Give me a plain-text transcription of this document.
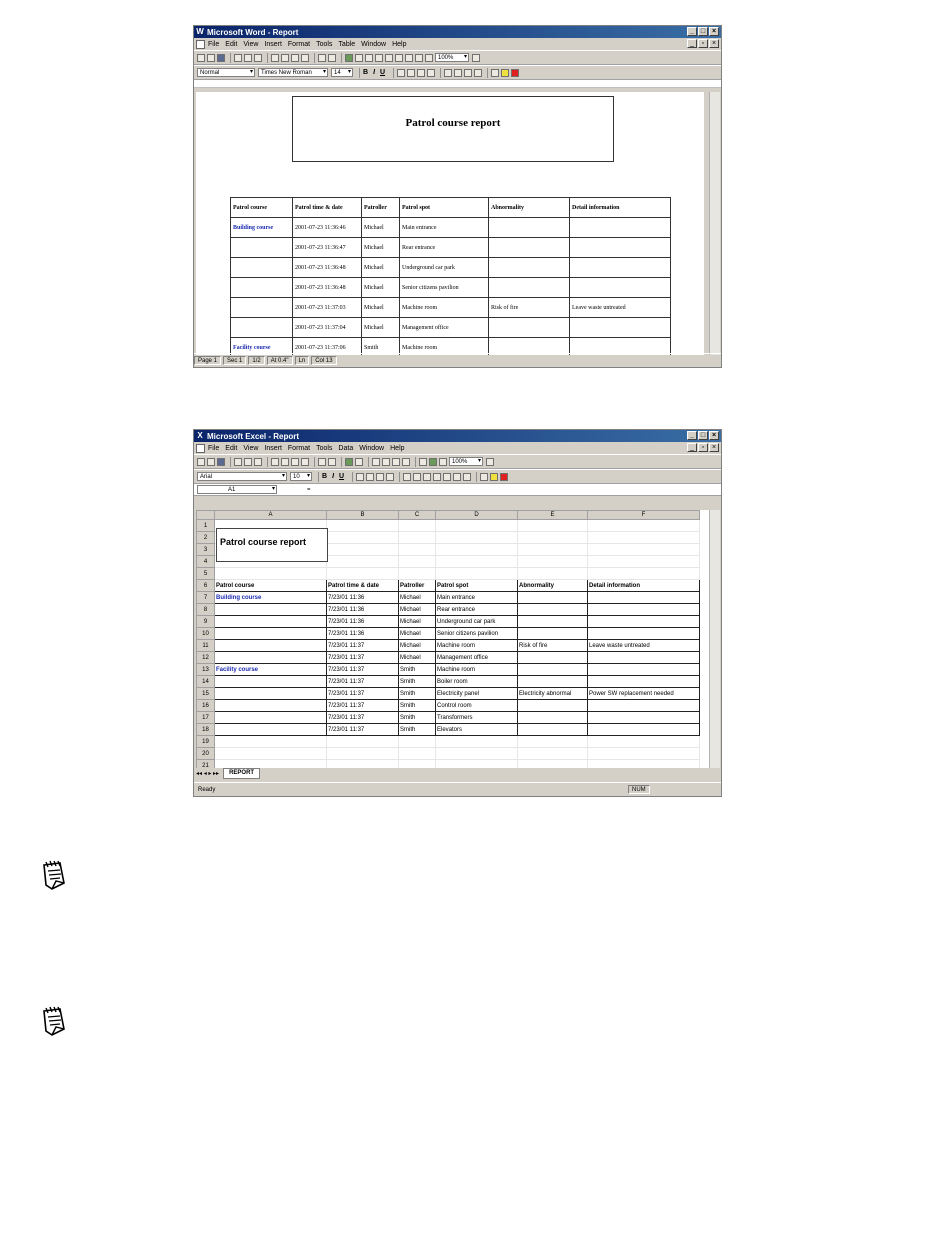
W Microsoft Word - Report	_ □ ×
File Edit View Insert Format Tools Table Window Help	_	▫	×
100% ▾
Normal ▾	Times New Roman ▾	14 ▾	B I U
Patrol course report
Patrol course	Patrol time & date	Patroller	Patrol spot	Abnormality	Detail information
Building course	2001-07-23 11:36:46	Michael	Main entrance		
	2001-07-23 11:36:47	Michael	Rear entrance		
	2001-07-23 11:36:48	Michael	Underground car park		
	2001-07-23 11:36:48	Michael	Senior citizens pavilion		
	2001-07-23 11:37:03	Michael	Machine room	Risk of fire	Leave waste untreated
	2001-07-23 11:37:04	Michael	Management office		
Facility course	2001-07-23 11:37:06	Smith	Machine room		
Page 1	Sec 1	1/2	At 0.4"	Ln	Col 13
X Microsoft Excel - Report	_ □ ×
File Edit View Insert Format Tools Data Window Help	_	▫	×
100% ▾
Arial ▾	10 ▾	B I U
A1 ▾	=
	A	B	C	D	E	F
1						
2						
3						
4						
5						
6	Patrol course	Patrol time & date	Patroller	Patrol spot	Abnormality	Detail information
7	Building course	7/23/01 11:36	Michael	Main entrance		
8		7/23/01 11:36	Michael	Rear entrance		
9		7/23/01 11:36	Michael	Underground car park		
10		7/23/01 11:36	Michael	Senior citizens pavilion		
11		7/23/01 11:37	Michael	Machine room	Risk of fire	Leave waste untreated
12		7/23/01 11:37	Michael	Management office		
13	Facility course	7/23/01 11:37	Smith	Machine room		
14		7/23/01 11:37	Smith	Boiler room		
15		7/23/01 11:37	Smith	Electricity panel	Electricity abnormal	Power SW replacement needed
16		7/23/01 11:37	Smith	Control room		
17		7/23/01 11:37	Smith	Transformers		
18		7/23/01 11:37	Smith	Elevators		
19						
20						
21						
Patrol course report
◂◂ ◂ ▸ ▸▸	REPORT
Ready	NUM
